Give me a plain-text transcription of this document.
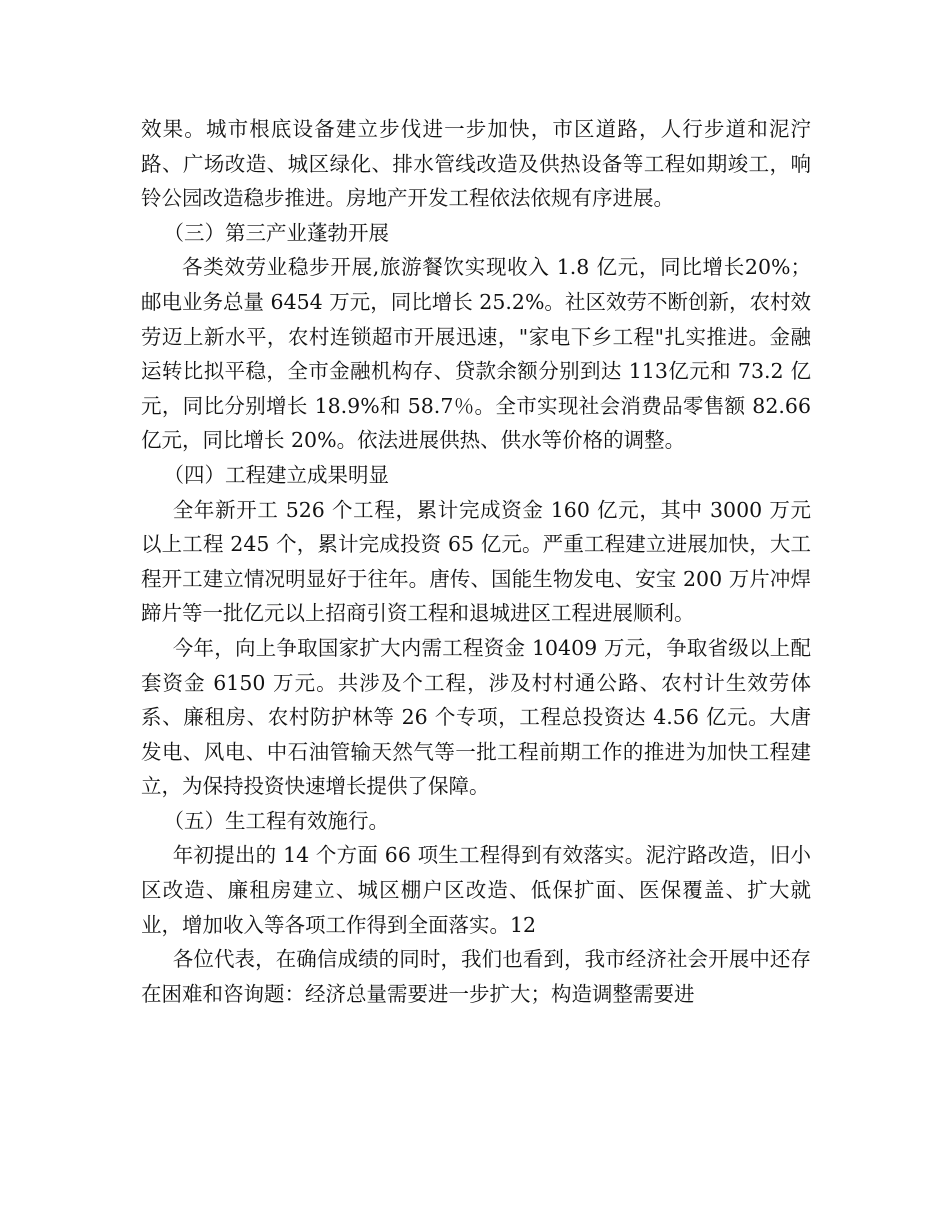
效果。城市根底设备建立步伐进一步加快，市区道路，人行步道和泥泞路、广场改造、城区绿化、排水管线改造及供热设备等工程如期竣工，响铃公园改造稳步推进。房地产开发工程依法依规有序进展。

（三）第三产业蓬勃开展

各类效劳业稳步开展,旅游餐饮实现收入 1.8 亿元，同比增长20%；邮电业务总量 6454 万元，同比增长 25.2%。社区效劳不断创新，农村效劳迈上新水平，农村连锁超市开展迅速，"家电下乡工程"扎实推进。金融运转比拟平稳，全市金融机构存、贷款余额分别到达 113亿元和 73.2 亿元，同比分别增长 18.9%和 58.7％。全市实现社会消费品零售额 82.66 亿元，同比增长 20%。依法进展供热、供水等价格的调整。

（四）工程建立成果明显

全年新开工 526 个工程，累计完成资金 160 亿元，其中 3000 万元以上工程 245 个，累计完成投资 65 亿元。严重工程建立进展加快，大工程开工建立情况明显好于往年。唐传、国能生物发电、安宝 200 万片冲焊蹄片等一批亿元以上招商引资工程和退城进区工程进展顺利。

今年，向上争取国家扩大内需工程资金 10409 万元，争取省级以上配套资金 6150 万元。共涉及个工程，涉及村村通公路、农村计生效劳体系、廉租房、农村防护林等 26 个专项，工程总投资达 4.56 亿元。大唐发电、风电、中石油管输天然气等一批工程前期工作的推进为加快工程建立，为保持投资快速增长提供了保障。

（五）生工程有效施行。

年初提出的 14 个方面 66 项生工程得到有效落实。泥泞路改造，旧小区改造、廉租房建立、城区棚户区改造、低保扩面、医保覆盖、扩大就业，增加收入等各项工作得到全面落实。12

各位代表，在确信成绩的同时，我们也看到，我市经济社会开展中还存在困难和咨询题：经济总量需要进一步扩大；构造调整需要进
